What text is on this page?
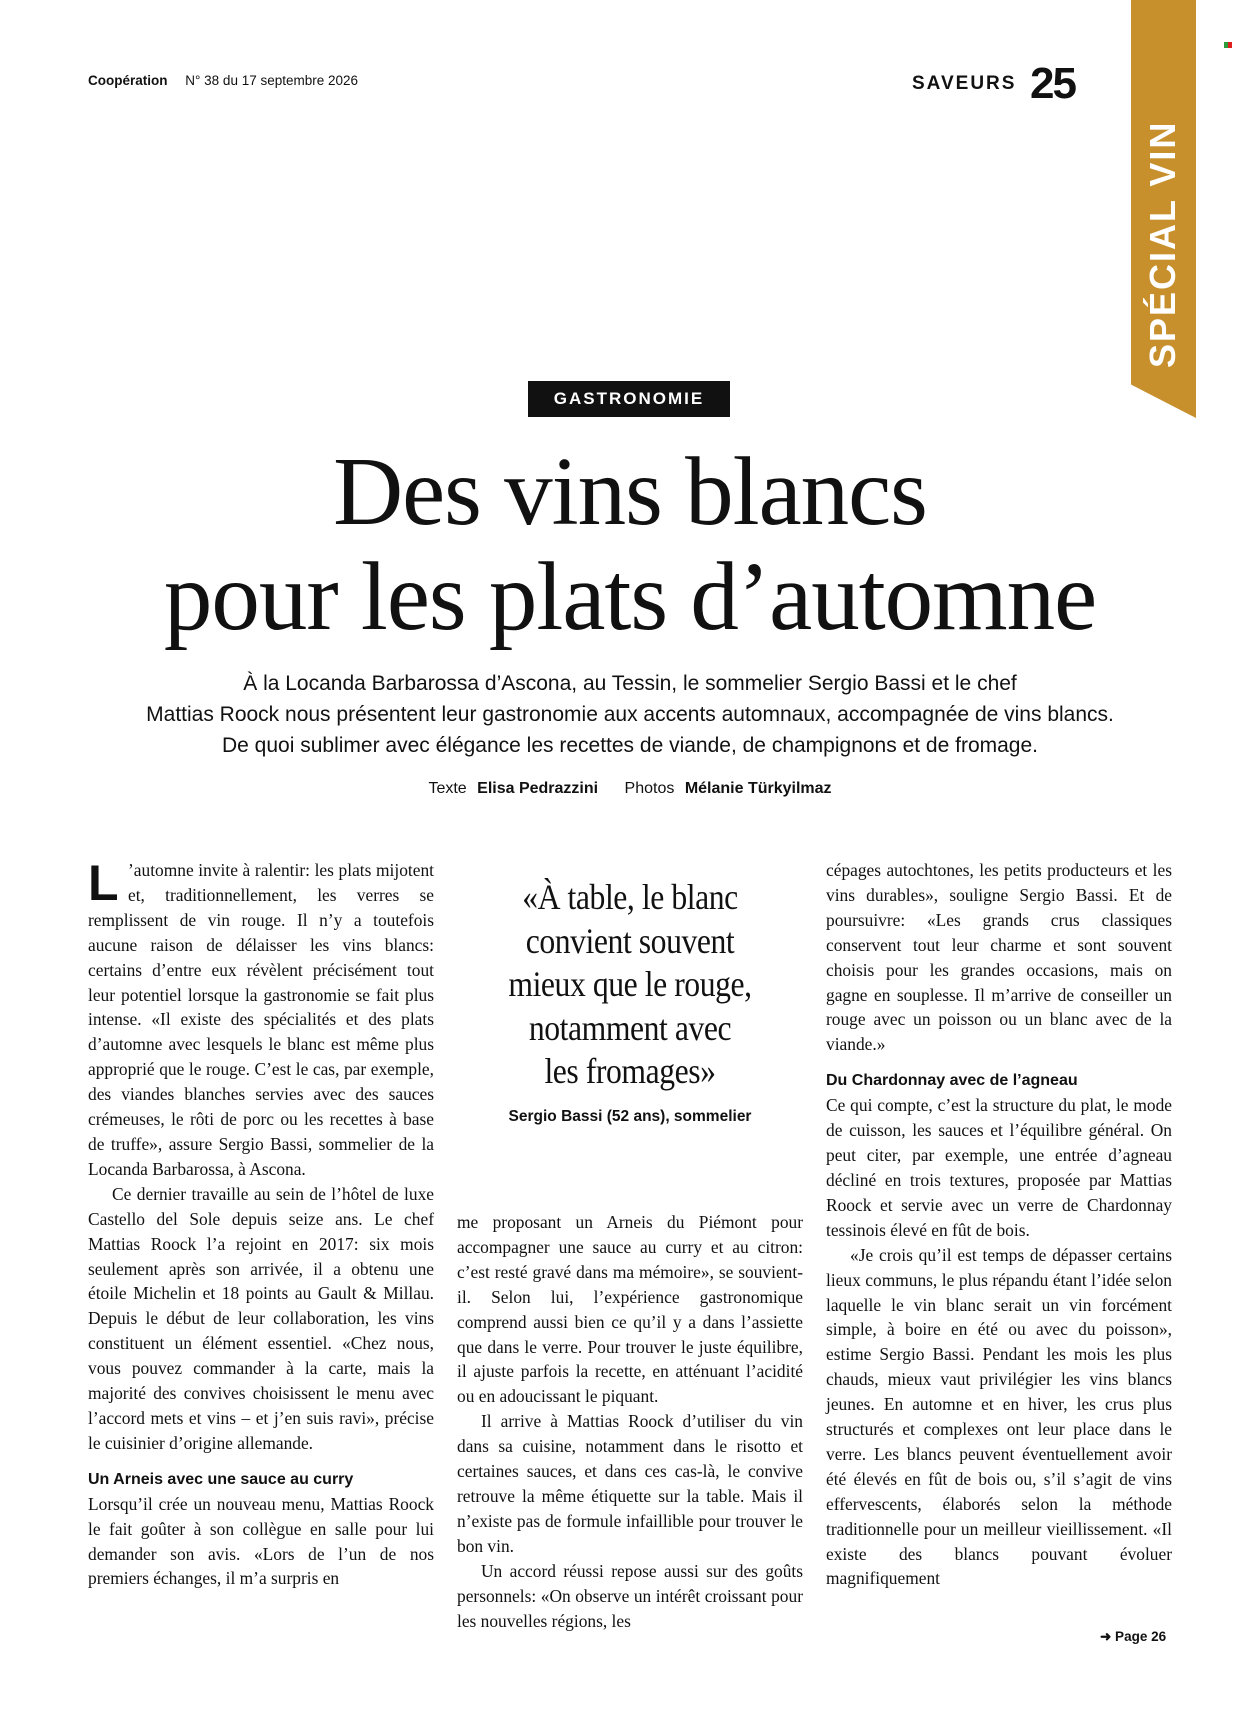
Coopération N° 38 du 17 septembre 2026	SAVEURS 25
SPÉCIAL VIN
GASTRONOMIE
Des vins blancs
pour les plats d’automne
À la Locanda Barbarossa d’Ascona, au Tessin, le sommelier Sergio Bassi et le chef
Mattias Roock nous présentent leur gastronomie aux accents automnaux, accompagnée de vins blancs.
De quoi sublimer avec élégance les recettes de viande, de champignons et de fromage.
Texte Elisa Pedrazzini Photos Mélanie Türkyilmaz
L ’automne invite à ralentir: les plats mijotent et, traditionnellement, les verres se remplissent de vin rouge. Il n’y a toutefois aucune raison de délaisser les vins blancs: certains d’entre eux révèlent précisément tout leur potentiel lorsque la gastronomie se fait plus intense. «Il existe des spécialités et des plats d’automne avec lesquels le blanc est même plus approprié que le rouge. C’est le cas, par exemple, des viandes blanches servies avec des sauces crémeuses, le rôti de porc ou les recettes à base de truffe», assure Sergio Bassi, sommelier de la Locanda Barbarossa, à Ascona.

Ce dernier travaille au sein de l’hôtel de luxe Castello del Sole depuis seize ans. Le chef Mattias Roock l’a rejoint en 2017: six mois seulement après son arrivée, il a obtenu une étoile Michelin et 18 points au Gault & Millau. Depuis le début de leur collaboration, les vins constituent un élément essentiel. «Chez nous, vous pouvez commander à la carte, mais la majorité des convives choisissent le menu avec l’accord mets et vins – et j’en suis ravi», précise le cuisinier d’origine allemande.

Un Arneis avec une sauce au curry

Lorsqu’il crée un nouveau menu, Mattias Roock le fait goûter à son collègue en salle pour lui demander son avis. «Lors de l’un de nos premiers échanges, il m’a surpris en

«À table, le blanc
convient souvent
mieux que le rouge,
notamment avec
les fromages»
Sergio Bassi (52 ans), sommelier

me proposant un Arneis du Piémont pour accompagner une sauce au curry et au citron: c’est resté gravé dans ma mémoire», se souvient-il. Selon lui, l’expérience gastronomique comprend aussi bien ce qu’il y a dans l’assiette que dans le verre. Pour trouver le juste équilibre, il ajuste parfois la recette, en atténuant l’acidité ou en adoucissant le piquant.

Il arrive à Mattias Roock d’utiliser du vin dans sa cuisine, notamment dans le risotto et certaines sauces, et dans ces cas-là, le convive retrouve la même étiquette sur la table. Mais il n’existe pas de formule infaillible pour trouver le bon vin.

Un accord réussi repose aussi sur des goûts personnels: «On observe un intérêt croissant pour les nouvelles régions, les

cépages autochtones, les petits producteurs et les vins durables», souligne Sergio Bassi. Et de poursuivre: «Les grands crus classiques conservent tout leur charme et sont souvent choisis pour les grandes occasions, mais on gagne en souplesse. Il m’arrive de conseiller un rouge avec un poisson ou un blanc avec de la viande.»

Du Chardonnay avec de l’agneau

Ce qui compte, c’est la structure du plat, le mode de cuisson, les sauces et l’équilibre général. On peut citer, par exemple, une entrée d’agneau décliné en trois textures, proposée par Mattias Roock et servie avec un verre de Chardonnay tessinois élevé en fût de bois.

«Je crois qu’il est temps de dépasser certains lieux communs, le plus répandu étant l’idée selon laquelle le vin blanc serait un vin forcément simple, à boire en été ou avec du poisson», estime Sergio Bassi. Pendant les mois les plus chauds, mieux vaut privilégier les vins blancs jeunes. En automne et en hiver, les crus plus structurés et complexes ont leur place dans le verre. Les blancs peuvent éventuellement avoir été élevés en fût de bois ou, s’il s’agit de vins effervescents, élaborés selon la méthode traditionnelle pour un meilleur vieillissement. «Il existe des blancs pouvant évoluer magnifiquement

➜ Page 26
